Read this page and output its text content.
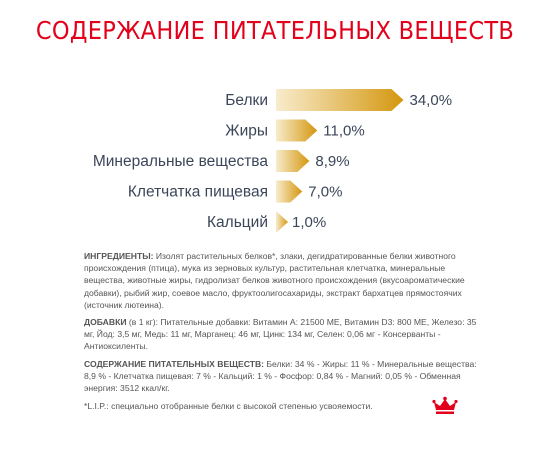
СОДЕРЖАНИЕ ПИТАТЕЛЬНЫХ ВЕЩЕСТВ
Белки	34,0%
Жиры	11,0%
Минеральные вещества	8,9%
Клетчатка пищевая	7,0%
Кальций 1,0%
ИНГРЕДИЕНТЫ: Изолят растительных белков*, злаки, дегидратированные белки животного происхождения (птица), мука из зерновых культур, растительная клетчатка, минеральные вещества, животные жиры, гидролизат белков животного происхождения (вкусоароматические добавки), рыбий жир, соевое масло, фруктоолигосахариды, экстракт бархатцев прямостоячих (источник лютеина).
ДОБАВКИ (в 1 кг): Питательные добавки: Витамин А: 21500 МЕ, Витамин D3: 800 МЕ, Железо: 35 мг, Йод: 3,5 мг, Медь: 11 мг, Марганец: 46 мг, Цинк: 134 мг, Селен: 0,06 мг - Консерванты - Антиоксиленты.
СОДЕРЖАНИЕ ПИТАТЕЛЬНЫХ ВЕЩЕСТВ: Белки: 34 % - Жиры: 11 % - Минеральные вещества: 8,9 % - Клетчатка пищевая: 7 % - Кальций: 1 % - Фосфор: 0,84 % - Магний: 0,05 % - Обменная энергия: 3512 ккал/кг.
*L.I.P.: специально отобранные белки с высокой степенью усвояемости.
